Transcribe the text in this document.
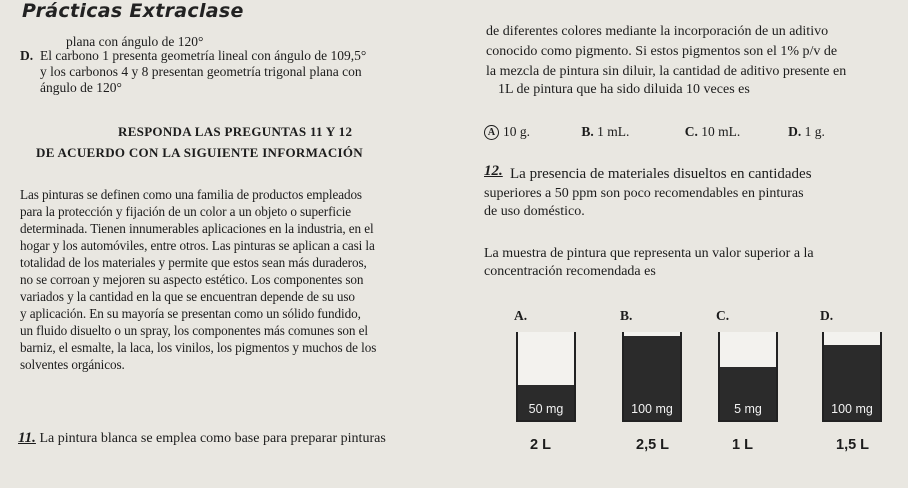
Prácticas Extraclase
plana con ángulo de 120°
D. El carbono 1 presenta geometría lineal con ángulo de 109,5°
y los carbonos 4 y 8 presentan geometría trigonal plana con
ángulo de 120°
RESPONDA LAS PREGUNTAS 11 Y 12
DE ACUERDO CON LA SIGUIENTE INFORMACIÓN
Las pinturas se definen como una familia de productos empleados
para la protección y fijación de un color a un objeto o superficie
determinada. Tienen innumerables aplicaciones en la industria, en el
hogar y los automóviles, entre otros. Las pinturas se aplican a casi la
totalidad de los materiales y permite que estos sean más duraderos,
no se corroan y mejoren su aspecto estético. Los componentes son
variados y la cantidad en la que se encuentran depende de su uso
y aplicación. En su mayoría se presentan como un sólido fundido,
un fluido disuelto o un spray, los componentes más comunes son el
barniz, el esmalte, la laca, los vinilos, los pigmentos y muchos de los
solventes orgánicos.
11. La pintura blanca se emplea como base para preparar pinturas
de diferentes colores mediante la incorporación de un aditivo
conocido como pigmento. Si estos pigmentos son el 1% p/v de
la mezcla de pintura sin diluir, la cantidad de aditivo presente en
1L de pintura que ha sido diluida 10 veces es
A 10 g.	B. 1 mL.	C. 10 mL.	D. 1 g.
12. La presencia de materiales disueltos en cantidades
superiores a 50 ppm son poco recomendables en pinturas
de uso doméstico.
La muestra de pintura que representa un valor superior a la
concentración recomendada es
A.
50 mg
2 L
B.
100 mg
2,5 L
C.
5 mg
1 L
D.
100 mg
1,5 L
